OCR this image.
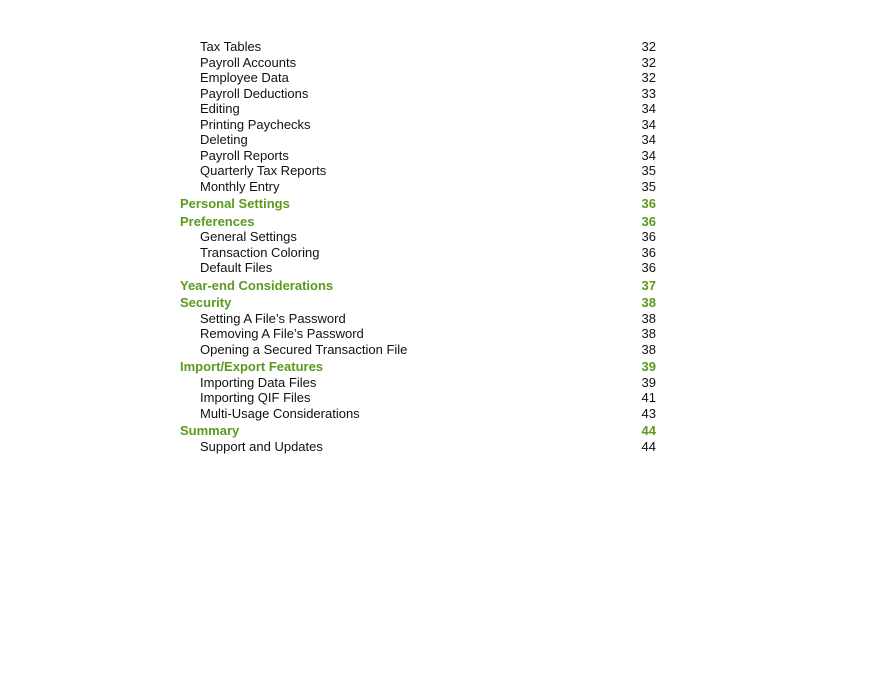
Tax Tables	32
Payroll Accounts	32
Employee Data	32
Payroll Deductions	33
Editing	34
Printing Paychecks	34
Deleting	34
Payroll Reports	34
Quarterly Tax Reports	35
Monthly Entry	35
Personal Settings	36
Preferences	36
General Settings	36
Transaction Coloring	36
Default Files	36
Year-end Considerations	37
Security	38
Setting A File’s Password	38
Removing A File’s Password	38
Opening a Secured Transaction File	38
Import/Export Features	39
Importing Data Files	39
Importing QIF Files	41
Multi-Usage Considerations	43
Summary	44
Support and Updates	44
